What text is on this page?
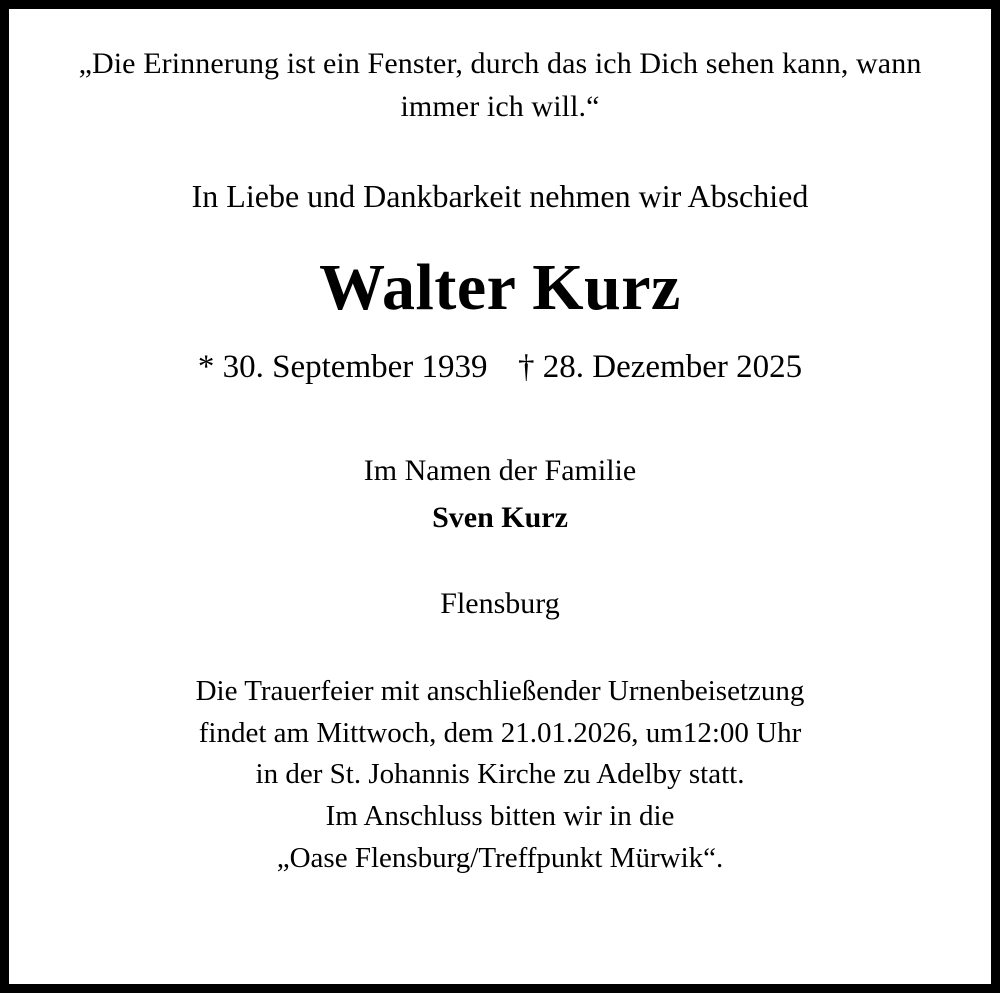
„Die Erinnerung ist ein Fenster, durch das ich Dich sehen kann, wann immer ich will.“
In Liebe und Dankbarkeit nehmen wir Abschied
Walter Kurz
* 30. September 1939 † 28. Dezember 2025
Im Namen der Familie
Sven Kurz
Flensburg
Die Trauerfeier mit anschließender Urnenbeisetzung
findet am Mittwoch, dem 21.01.2026, um12:00 Uhr
in der St. Johannis Kirche zu Adelby statt.
Im Anschluss bitten wir in die
„Oase Flensburg/Treffpunkt Mürwik“.
